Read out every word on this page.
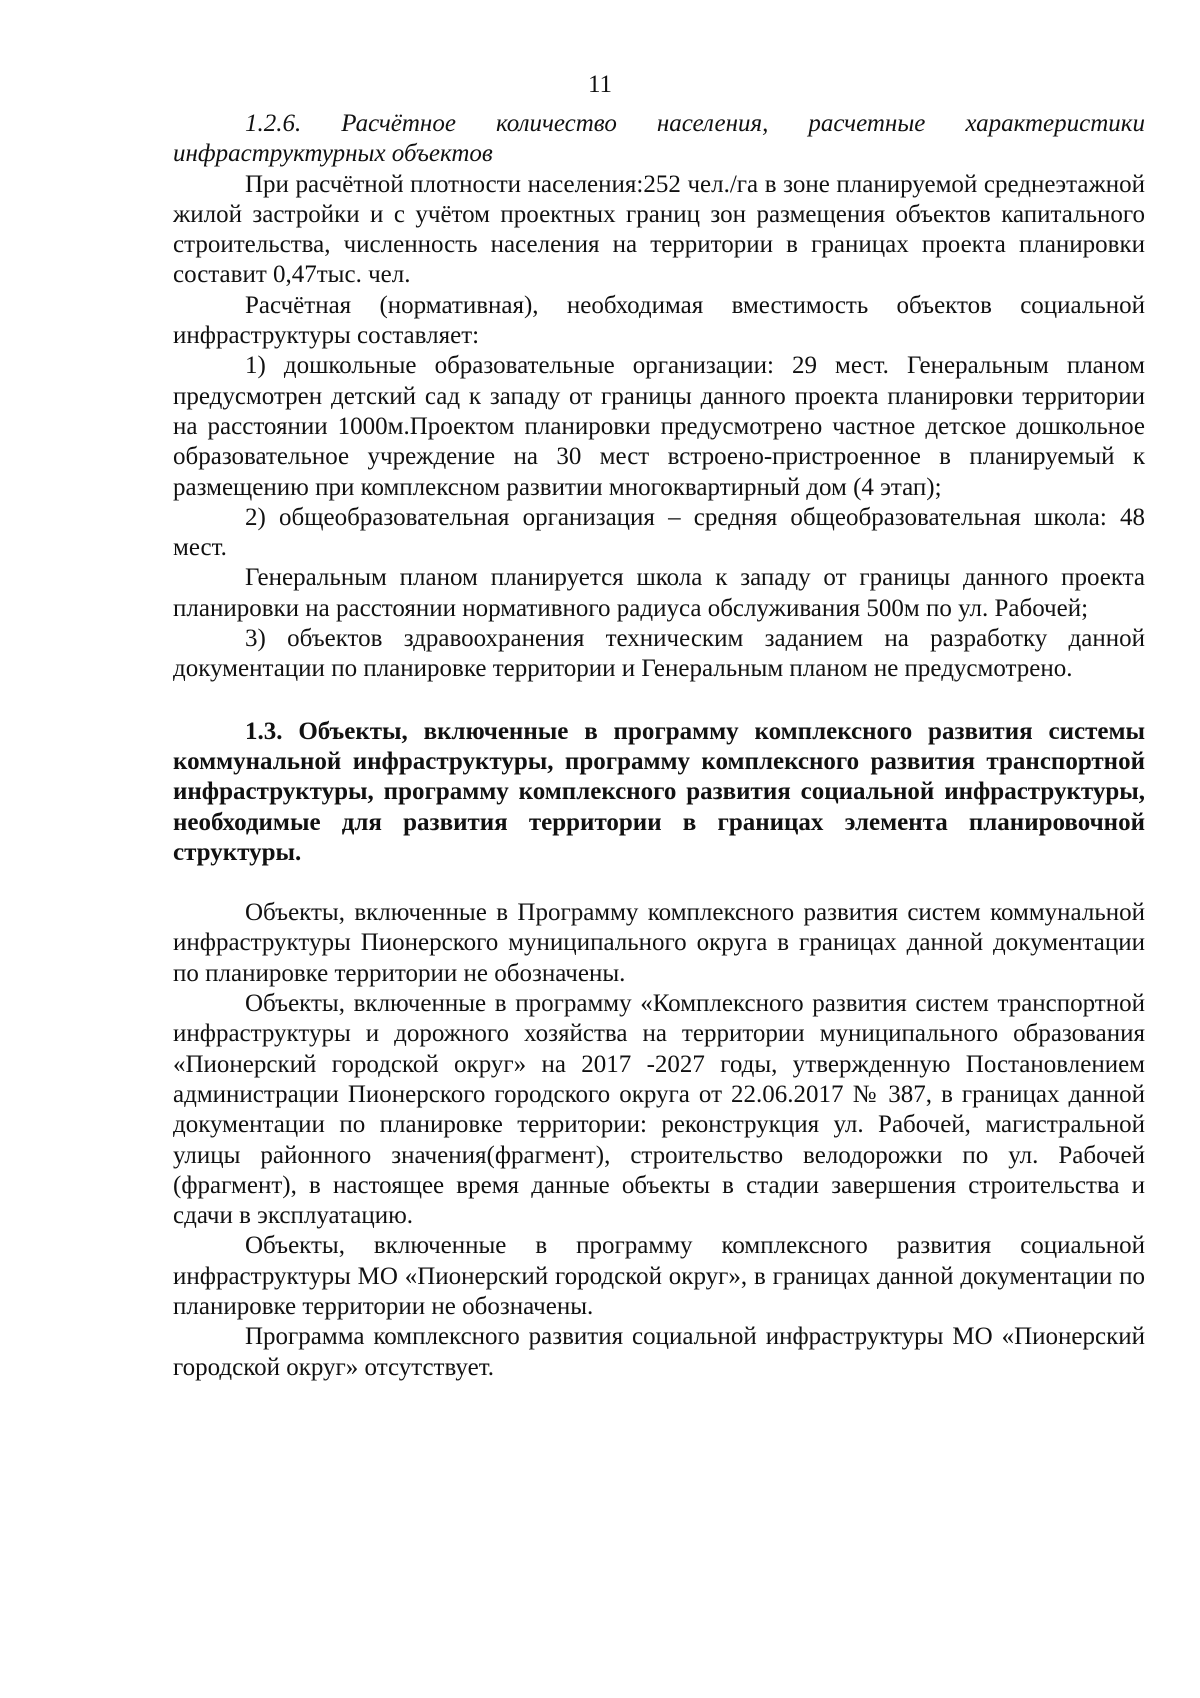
11

1.2.6. Расчётное количество населения, расчетные характеристики инфраструктурных объектов

При расчётной плотности населения:252 чел./га в зоне планируемой среднеэтажной жилой застройки и с учётом проектных границ зон размещения объектов капитального строительства, численность населения на территории в границах проекта планировки составит 0,47тыс. чел.

Расчётная (нормативная), необходимая вместимость объектов социальной инфраструктуры составляет:

1) дошкольные образовательные организации: 29 мест. Генеральным планом предусмотрен детский сад к западу от границы данного проекта планировки территории на расстоянии 1000м.Проектом планировки предусмотрено частное детское дошкольное образовательное учреждение на 30 мест встроено-пристроенное в планируемый к размещению при комплексном развитии многоквартирный дом (4 этап);

2) общеобразовательная организация – средняя общеобразовательная школа: 48 мест.

Генеральным планом планируется школа к западу от границы данного проекта планировки на расстоянии нормативного радиуса обслуживания 500м по ул. Рабочей;

3) объектов здравоохранения техническим заданием на разработку данной документации по планировке территории и Генеральным планом не предусмотрено.

1.3. Объекты, включенные в программу комплексного развития системы коммунальной инфраструктуры, программу комплексного развития транспортной инфраструктуры, программу комплексного развития социальной инфраструктуры, необходимые для развития территории в границах элемента планировочной структуры.

Объекты, включенные в Программу комплексного развития систем коммунальной инфраструктуры Пионерского муниципального округа в границах данной документации по планировке территории не обозначены.

Объекты, включенные в программу «Комплексного развития систем транспортной инфраструктуры и дорожного хозяйства на территории муниципального образования «Пионерский городской округ» на 2017 -2027 годы, утвержденную Постановлением администрации Пионерского городского округа от 22.06.2017 № 387, в границах данной документации по планировке территории: реконструкция ул. Рабочей, магистральной улицы районного значения(фрагмент), строительство велодорожки по ул. Рабочей (фрагмент), в настоящее время данные объекты в стадии завершения строительства и сдачи в эксплуатацию.

Объекты, включенные в программу комплексного развития социальной инфраструктуры МО «Пионерский городской округ», в границах данной документации по планировке территории не обозначены.

Программа комплексного развития социальной инфраструктуры МО «Пионерский городской округ» отсутствует.
